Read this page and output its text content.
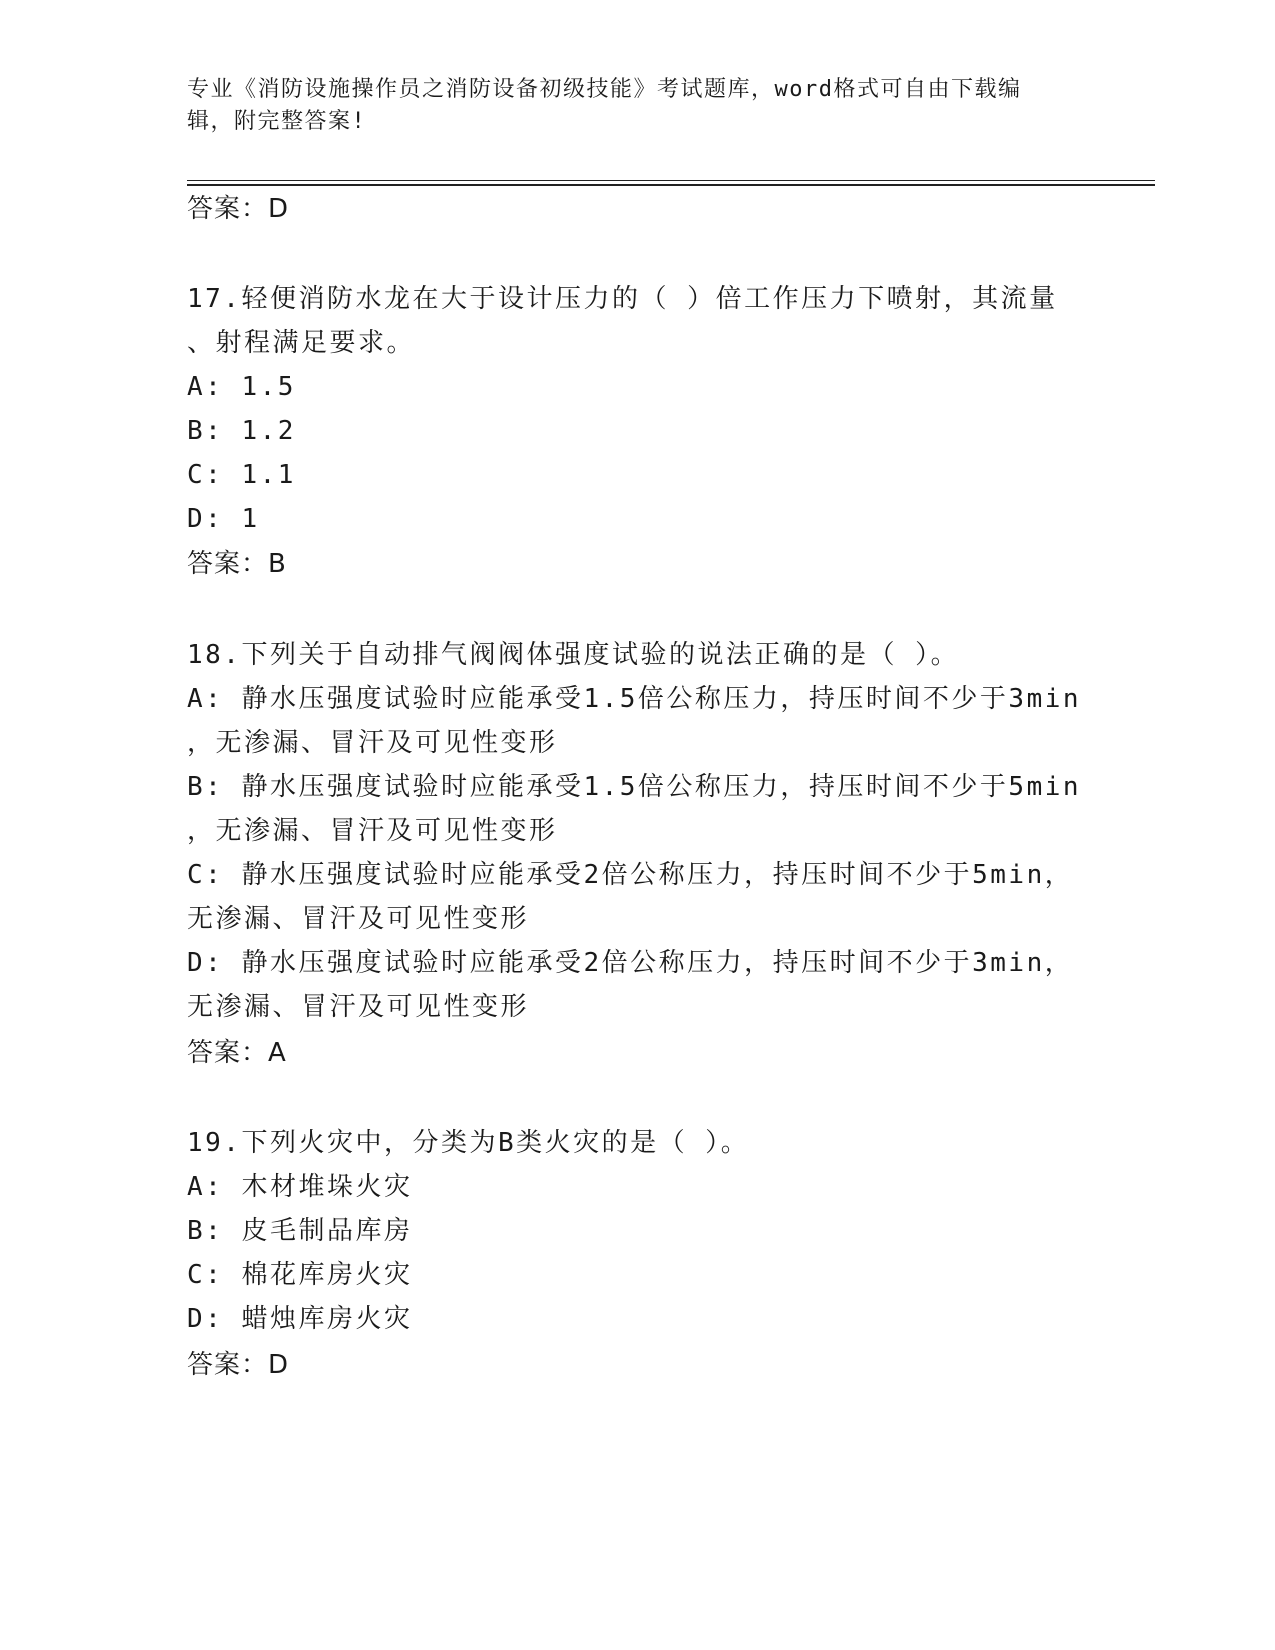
专业《消防设施操作员之消防设备初级技能》考试题库，word格式可自由下载编
辑，附完整答案!
答案：D
17.轻便消防水龙在大于设计压力的（ ）倍工作压力下喷射，其流量
、射程满足要求。
A: 1.5
B: 1.2
C: 1.1
D: 1
答案：B
18.下列关于自动排气阀阀体强度试验的说法正确的是（ ）。
A: 静水压强度试验时应能承受1.5倍公称压力，持压时间不少于3min
，无渗漏、冒汗及可见性变形
B: 静水压强度试验时应能承受1.5倍公称压力，持压时间不少于5min
，无渗漏、冒汗及可见性变形
C: 静水压强度试验时应能承受2倍公称压力，持压时间不少于5min，
无渗漏、冒汗及可见性变形
D: 静水压强度试验时应能承受2倍公称压力，持压时间不少于3min，
无渗漏、冒汗及可见性变形
答案：A
19.下列火灾中，分类为B类火灾的是（ ）。
A: 木材堆垛火灾
B: 皮毛制品库房
C: 棉花库房火灾
D: 蜡烛库房火灾
答案：D
